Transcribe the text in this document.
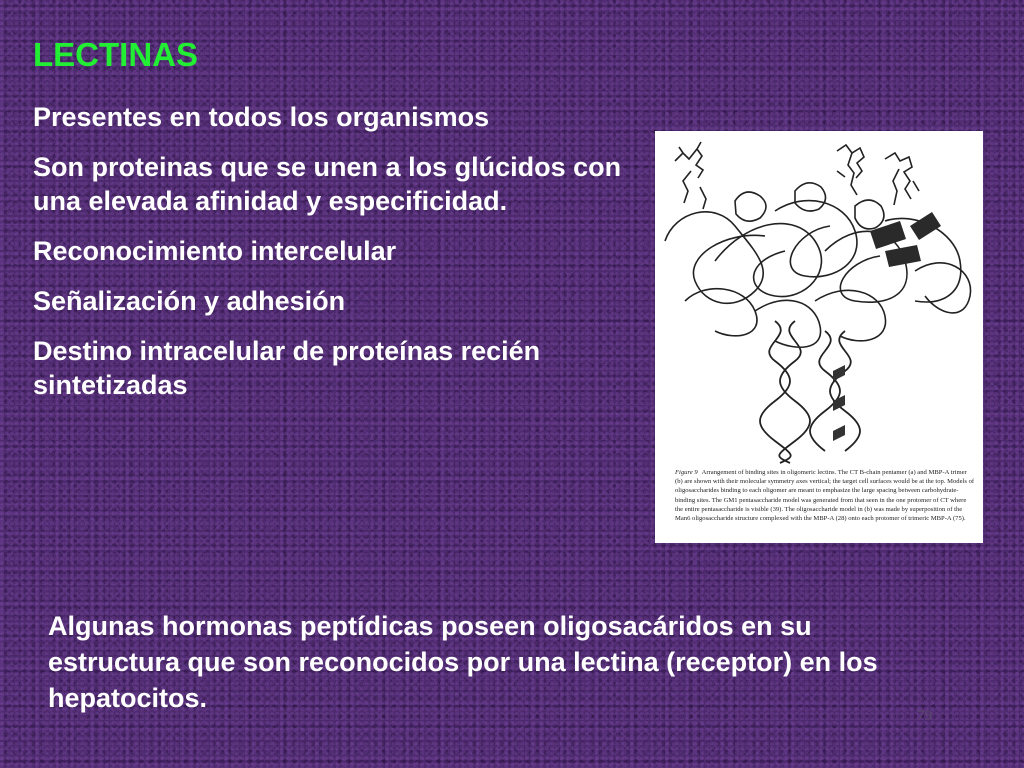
LECTINAS
Presentes en todos los organismos
Son proteinas que se unen a los glúcidos con una elevada afinidad y especificidad.
Reconocimiento intercelular
Señalización y adhesión
Destino intracelular de proteínas recién sintetizadas
Figure 9 Arrangement of binding sites in oligomeric lectins. The CT B-chain pentamer (a) and MBP-A trimer (b) are shown with their molecular symmetry axes vertical; the target cell surfaces would be at the top. Models of oligosaccharides binding to each oligomer are meant to emphasize the large spacing between carbohydrate-binding sites. The GM1 pentasaccharide model was generated from that seen in the one protomer of CT where the entire pentasaccharide is visible (39). The oligosaccharide model in (b) was made by superposition of the Man6 oligosaccharide structure complexed with the MBP-A (28) onto each protomer of trimeric MBP-A (75).

Algunas hormonas peptídicas poseen oligosacáridos en su estructura que son reconocidos por una lectina (receptor) en los hepatocitos.

79
